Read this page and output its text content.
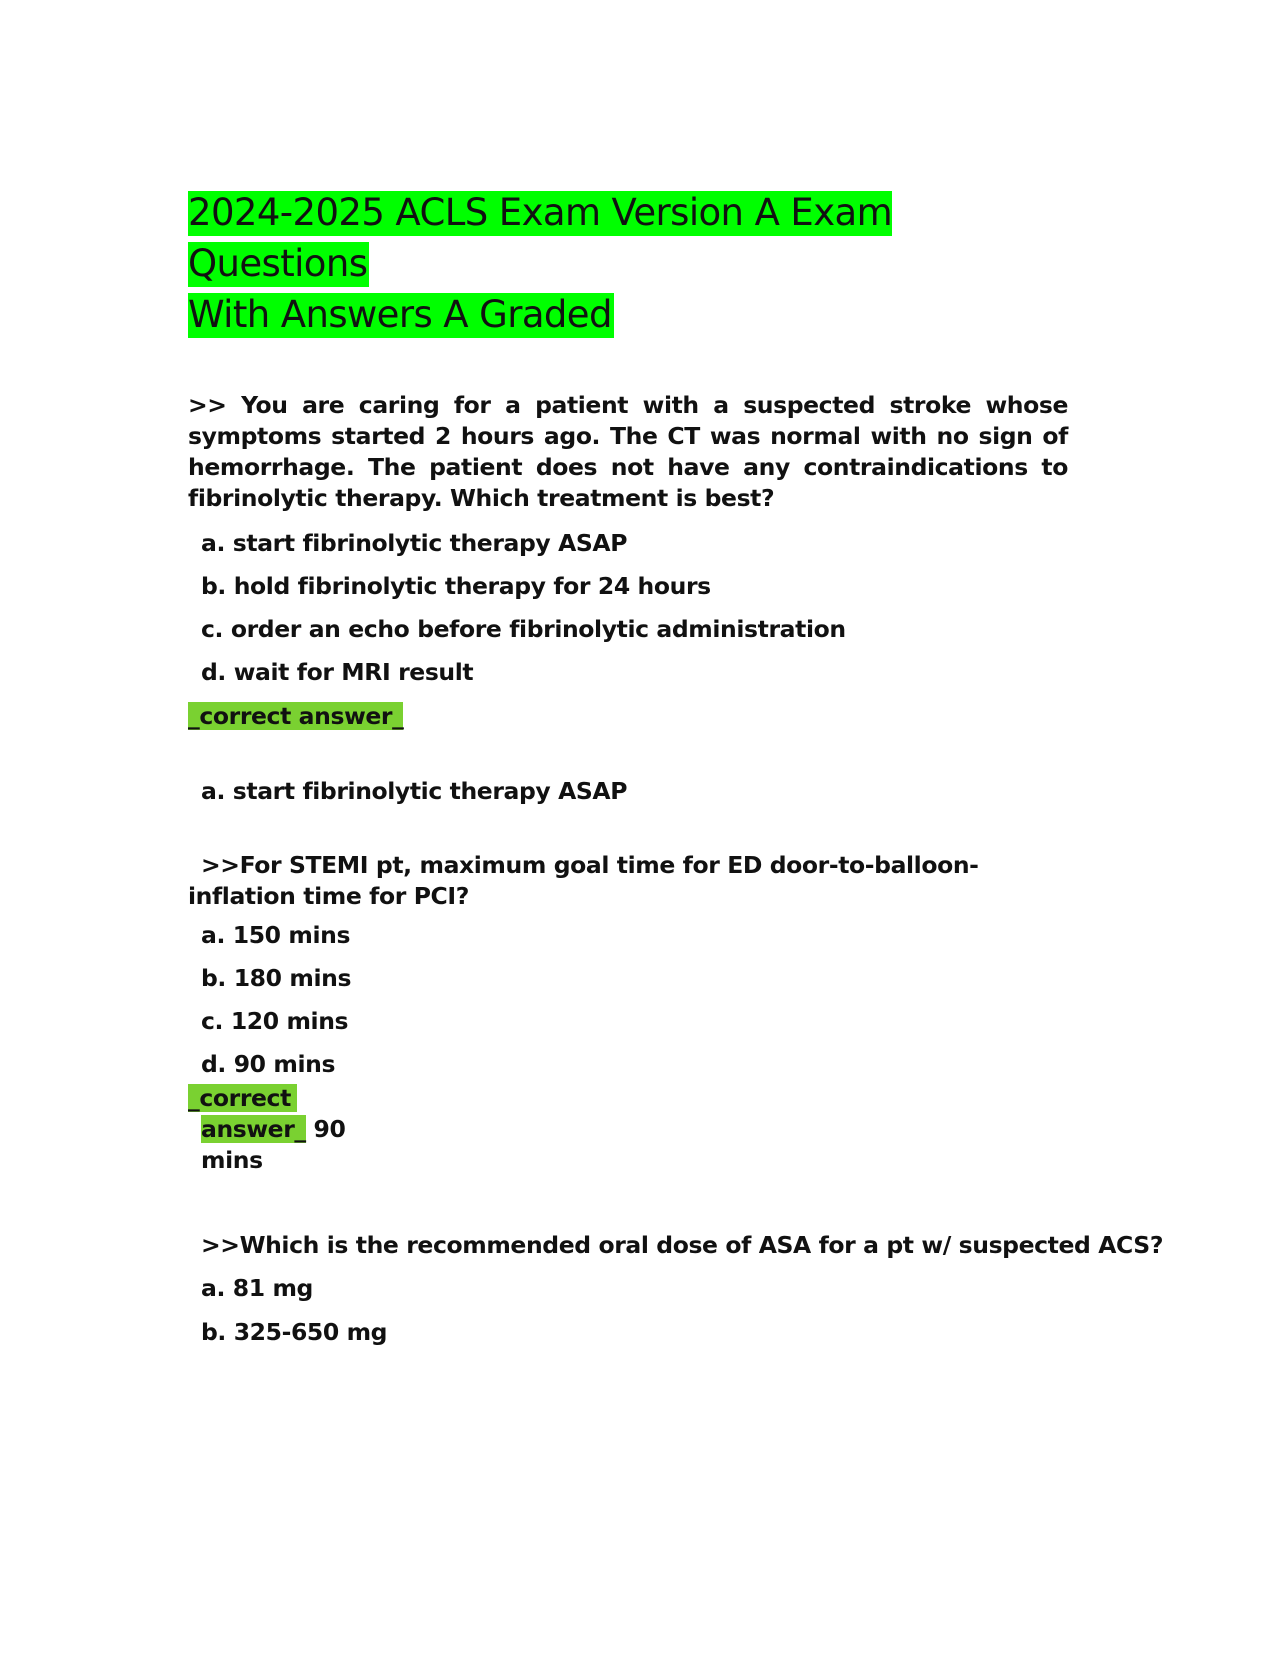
2024-2025 ACLS Exam Version A Exam Questions
With Answers A Graded

>> You are caring for a patient with a suspected stroke whose symptoms started 2 hours ago. The CT was normal with no sign of hemorrhage. The patient does not have any contraindications to fibrinolytic therapy. Which treatment is best?

a. start fibrinolytic therapy ASAP

b. hold fibrinolytic therapy for 24 hours

c. order an echo before fibrinolytic administration

d. wait for MRI result

_correct answer_

a. start fibrinolytic therapy ASAP

>>For STEMI pt, maximum goal time for ED door-to-balloon-inflation time for PCI?

a. 150 mins

b. 180 mins

c. 120 mins

d. 90 mins

_correct
answer_ 90
mins

>>Which is the recommended oral dose of ASA for a pt w/ suspected ACS?

a. 81 mg

b. 325-650 mg
